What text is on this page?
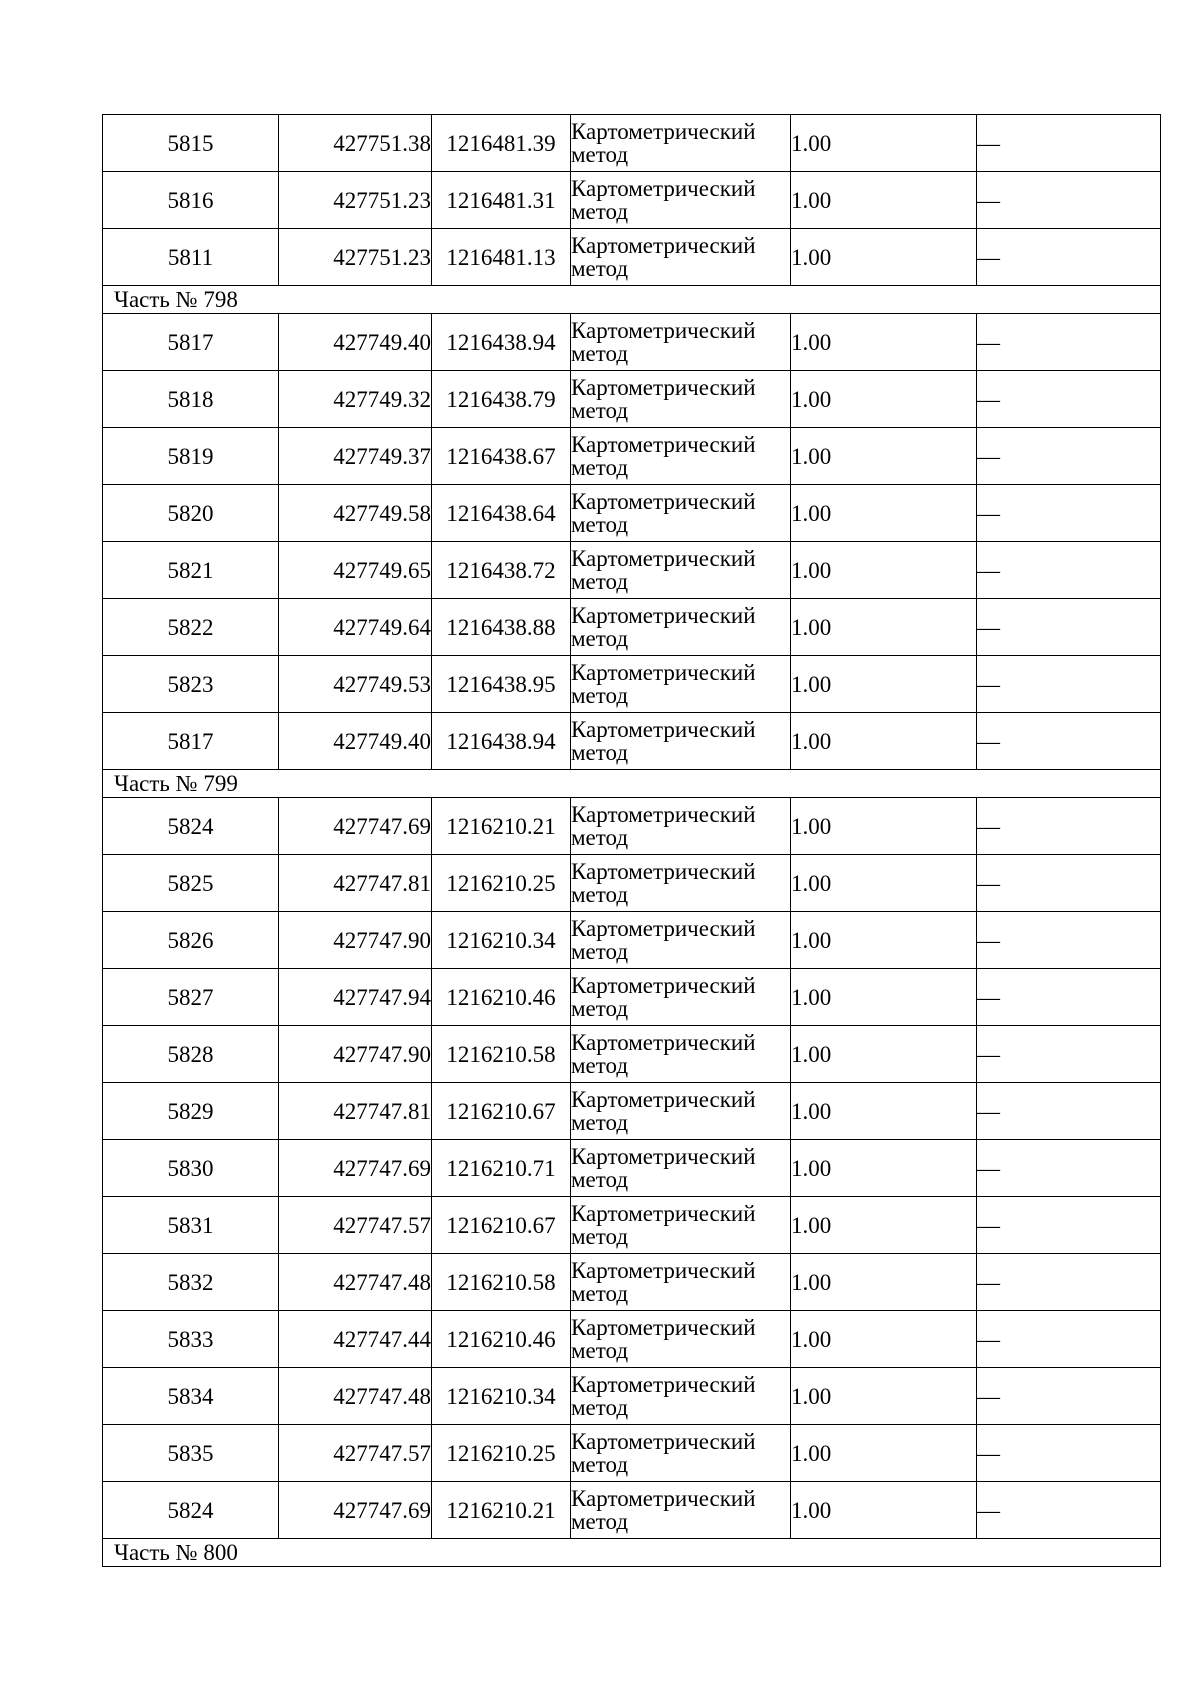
5815	427751.38	1216481.39	Картометрический метод	1.00	—
5816	427751.23	1216481.31	Картометрический метод	1.00	—
5811	427751.23	1216481.13	Картометрический метод	1.00	—
Часть № 798					
5817	427749.40	1216438.94	Картометрический метод	1.00	—
5818	427749.32	1216438.79	Картометрический метод	1.00	—
5819	427749.37	1216438.67	Картометрический метод	1.00	—
5820	427749.58	1216438.64	Картометрический метод	1.00	—
5821	427749.65	1216438.72	Картометрический метод	1.00	—
5822	427749.64	1216438.88	Картометрический метод	1.00	—
5823	427749.53	1216438.95	Картометрический метод	1.00	—
5817	427749.40	1216438.94	Картометрический метод	1.00	—
Часть № 799					
5824	427747.69	1216210.21	Картометрический метод	1.00	—
5825	427747.81	1216210.25	Картометрический метод	1.00	—
5826	427747.90	1216210.34	Картометрический метод	1.00	—
5827	427747.94	1216210.46	Картометрический метод	1.00	—
5828	427747.90	1216210.58	Картометрический метод	1.00	—
5829	427747.81	1216210.67	Картометрический метод	1.00	—
5830	427747.69	1216210.71	Картометрический метод	1.00	—
5831	427747.57	1216210.67	Картометрический метод	1.00	—
5832	427747.48	1216210.58	Картометрический метод	1.00	—
5833	427747.44	1216210.46	Картометрический метод	1.00	—
5834	427747.48	1216210.34	Картометрический метод	1.00	—
5835	427747.57	1216210.25	Картометрический метод	1.00	—
5824	427747.69	1216210.21	Картометрический метод	1.00	—
Часть № 800					
